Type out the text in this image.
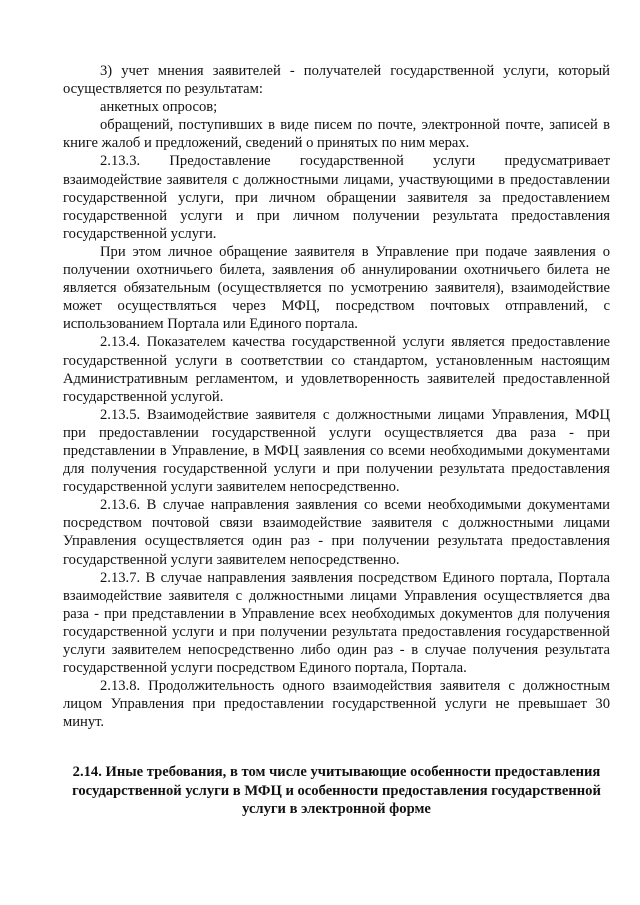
3) учет мнения заявителей - получателей государственной услуги, который осуществляется по результатам:

анкетных опросов;

обращений, поступивших в виде писем по почте, электронной почте, записей в книге жалоб и предложений, сведений о принятых по ним мерах.

2.13.3. Предоставление государственной услуги предусматривает взаимодействие заявителя с должностными лицами, участвующими в предоставлении государственной услуги, при личном обращении заявителя за предоставлением государственной услуги и при личном получении результата предоставления государственной услуги.

При этом личное обращение заявителя в Управление при подаче заявления о получении охотничьего билета, заявления об аннулировании охотничьего билета не является обязательным (осуществляется по усмотрению заявителя), взаимодействие может осуществляться через МФЦ, посредством почтовых отправлений, с использованием Портала или Единого портала.

2.13.4. Показателем качества государственной услуги является предоставление государственной услуги в соответствии со стандартом, установленным настоящим Административным регламентом, и удовлетворенность заявителей предоставленной государственной услугой.

2.13.5. Взаимодействие заявителя с должностными лицами Управления, МФЦ при предоставлении государственной услуги осуществляется два раза - при представлении в Управление, в МФЦ заявления со всеми необходимыми документами для получения государственной услуги и при получении результата предоставления государственной услуги заявителем непосредственно.

2.13.6. В случае направления заявления со всеми необходимыми документами посредством почтовой связи взаимодействие заявителя с должностными лицами Управления осуществляется один раз - при получении результата предоставления государственной услуги заявителем непосредственно.

2.13.7. В случае направления заявления посредством Единого портала, Портала взаимодействие заявителя с должностными лицами Управления осуществляется два раза - при представлении в Управление всех необходимых документов для получения государственной услуги и при получении результата предоставления государственной услуги заявителем непосредственно либо один раз - в случае получения результата государственной услуги посредством Единого портала, Портала.

2.13.8. Продолжительность одного взаимодействия заявителя с должностным лицом Управления при предоставлении государственной услуги не превышает 30 минут.

2.14. Иные требования, в том числе учитывающие особенности предоставления государственной услуги в МФЦ и особенности предоставления государственной услуги в электронной форме
